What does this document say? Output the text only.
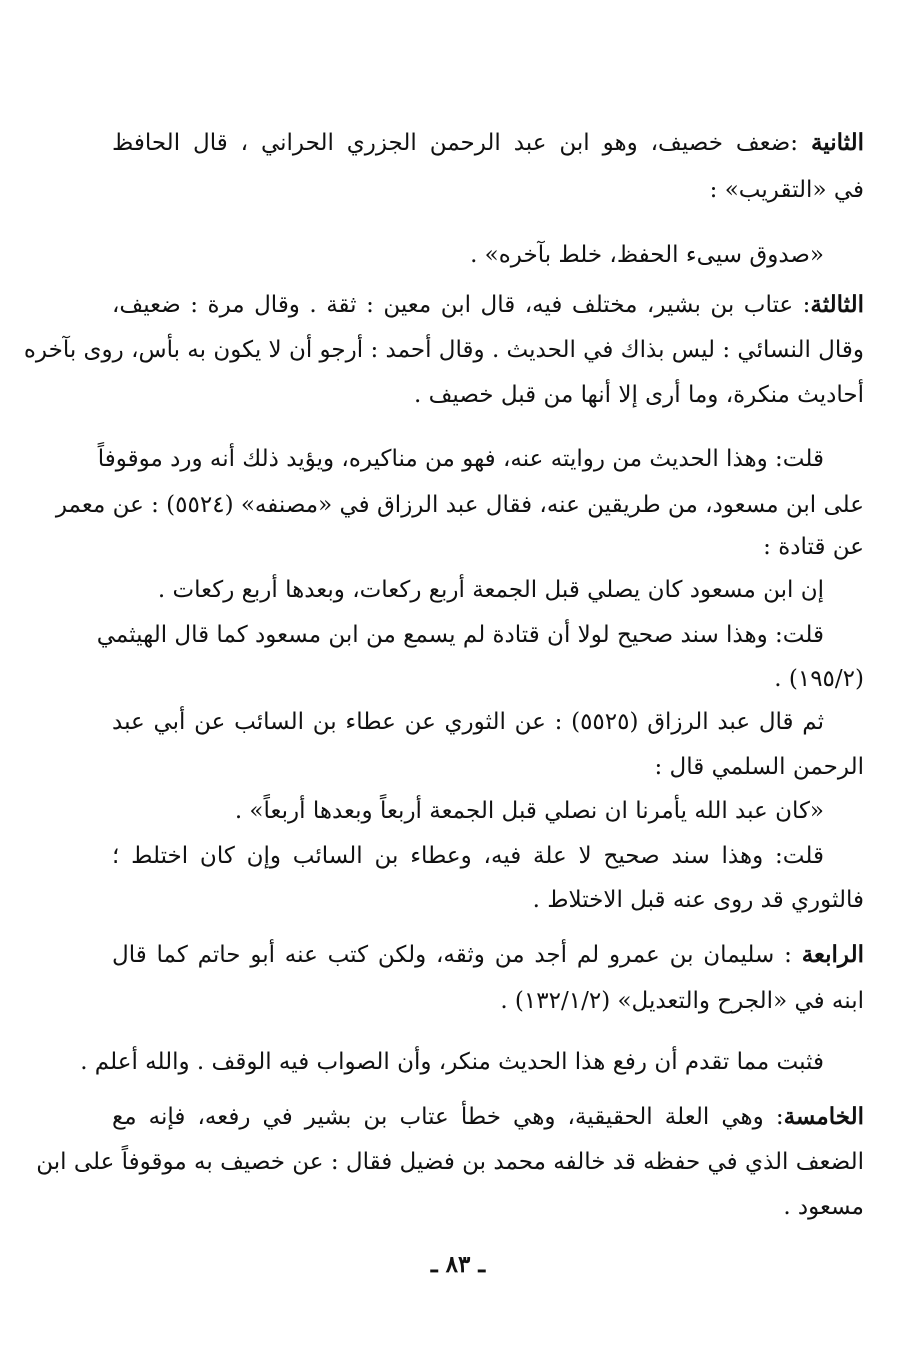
الثانية :ضعف خصيف، وهو ابن عبد الرحمن الجزري الحراني ، قال الحافظ
في «التقريب» :
«صدوق سيىء الحفظ، خلط بآخره» .
الثالثة: عتاب بن بشير، مختلف فيه، قال ابن معين : ثقة . وقال مرة : ضعيف،
وقال النسائي : ليس بذاك في الحديث . وقال أحمد : أرجو أن لا يكون به بأس، روى بآخره
أحاديث منكرة، وما أرى إلا أنها من قبل خصيف .
قلت: وهذا الحديث من روايته عنه، فهو من مناكيره، ويؤيد ذلك أنه ورد موقوفاً
على ابن مسعود، من طريقين عنه، فقال عبد الرزاق في «مصنفه» (٥٥٢٤) : عن معمر
عن قتادة :
إن ابن مسعود كان يصلي قبل الجمعة أربع ركعات، وبعدها أربع ركعات .
قلت: وهذا سند صحيح لولا أن قتادة لم يسمع من ابن مسعود كما قال الهيثمي
(١٩٥/٢) .
ثم قال عبد الرزاق (٥٥٢٥) : عن الثوري عن عطاء بن السائب عن أبي عبد
الرحمن السلمي قال :
«كان عبد الله يأمرنا ان نصلي قبل الجمعة أربعاً وبعدها أربعاً» .
قلت: وهذا سند صحيح لا علة فيه، وعطاء بن السائب وإن كان اختلط ؛
فالثوري قد روى عنه قبل الاختلاط .
الرابعة : سليمان بن عمرو لم أجد من وثقه، ولكن كتب عنه أبو حاتم كما قال
ابنه في «الجرح والتعديل» (١٣٢/١/٢) .
فثبت مما تقدم أن رفع هذا الحديث منكر، وأن الصواب فيه الوقف . والله أعلم .
الخامسة: وهي العلة الحقيقية، وهي خطأ عتاب بن بشير في رفعه، فإنه مع
الضعف الذي في حفظه قد خالفه محمد بن فضيل فقال : عن خصيف به موقوفاً على ابن
مسعود .
ـ ٨٣ ـ
